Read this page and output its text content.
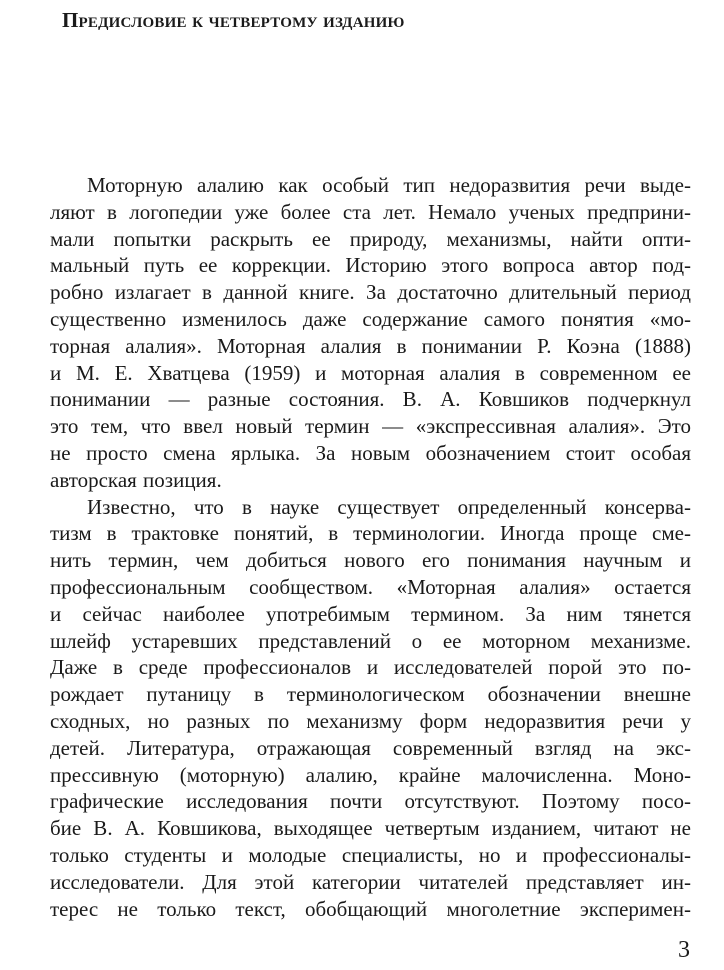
Предисловие к четвертому изданию
Моторную алалию как особый тип недоразвития речи выде-
ляют в логопедии уже более ста лет. Немало ученых предприни-
мали попытки раскрыть ее природу, механизмы, найти опти-
мальный путь ее коррекции. Историю этого вопроса автор под-
робно излагает в данной книге. За достаточно длительный период
существенно изменилось даже содержание самого понятия «мо-
торная алалия». Моторная алалия в понимании Р. Коэна (1888)
и М. Е. Хватцева (1959) и моторная алалия в современном ее
понимании — разные состояния. В. А. Ковшиков подчеркнул
это тем, что ввел новый термин — «экспрессивная алалия». Это
не просто смена ярлыка. За новым обозначением стоит особая
авторская позиция.
Известно, что в науке существует определенный консерва-
тизм в трактовке понятий, в терминологии. Иногда проще сме-
нить термин, чем добиться нового его понимания научным и
профессиональным сообществом. «Моторная алалия» остается
и сейчас наиболее употребимым термином. За ним тянется
шлейф устаревших представлений о ее моторном механизме.
Даже в среде профессионалов и исследователей порой это по-
рождает путаницу в терминологическом обозначении внешне
сходных, но разных по механизму форм недоразвития речи у
детей. Литература, отражающая современный взгляд на экс-
прессивную (моторную) алалию, крайне малочисленна. Моно-
графические исследования почти отсутствуют. Поэтому посо-
бие В. А. Ковшикова, выходящее четвертым изданием, читают не
только студенты и молодые специалисты, но и профессионалы-
исследователи. Для этой категории читателей представляет ин-
терес не только текст, обобщающий многолетние эксперимен-
3
